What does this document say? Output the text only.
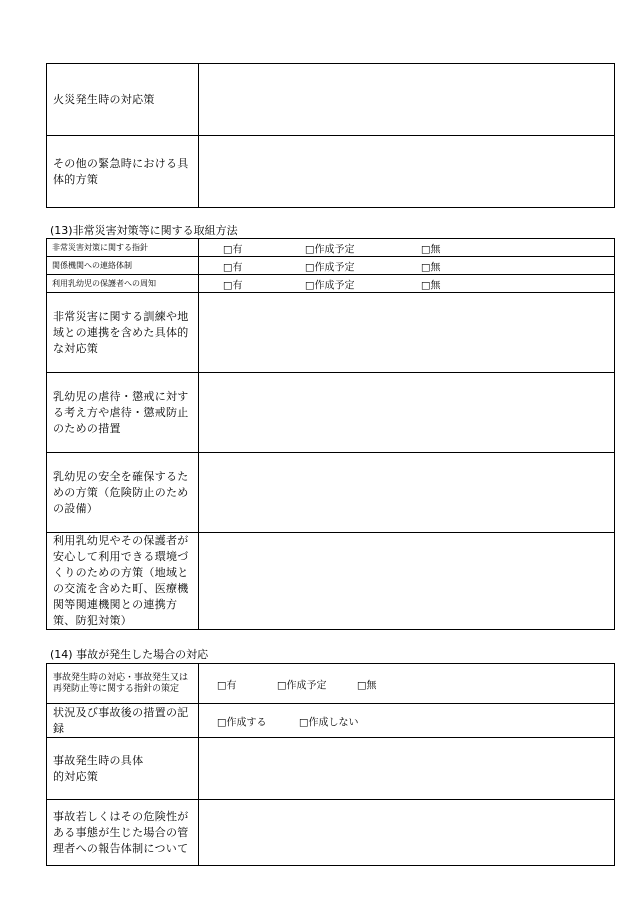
火災発生時の対応策	
その他の緊急時における具体的方策	
(13)非常災害対策等に関する取組方法
非常災害対策に関する指針	□有 □作成予定 □無

関係機関への連絡体制	□有 □作成予定 □無

利用乳幼児の保護者への周知	□有 □作成予定 □無

非常災害に関する訓練や地域との連携を含めた具体的な対応策	
乳幼児の虐待・懲戒に対する考え方や虐待・懲戒防止のための措置	
乳幼児の安全を確保するための方策（危険防止のための設備）	
利用乳幼児やその保護者が安心して利用できる環境づくりのための方策（地域との交流を含めた町、医療機関等関連機関との連携方策、防犯対策）	
(14) 事故が発生した場合の対応
事故発生時の対応・事故発生又は再発防止等に関する指針の策定	□有 □作成予定 □無

状況及び事故後の措置の記録	□作成する □作成しない

事故発生時の具体的対応策	
事故若しくはその危険性がある事態が生じた場合の管理者への報告体制について	
